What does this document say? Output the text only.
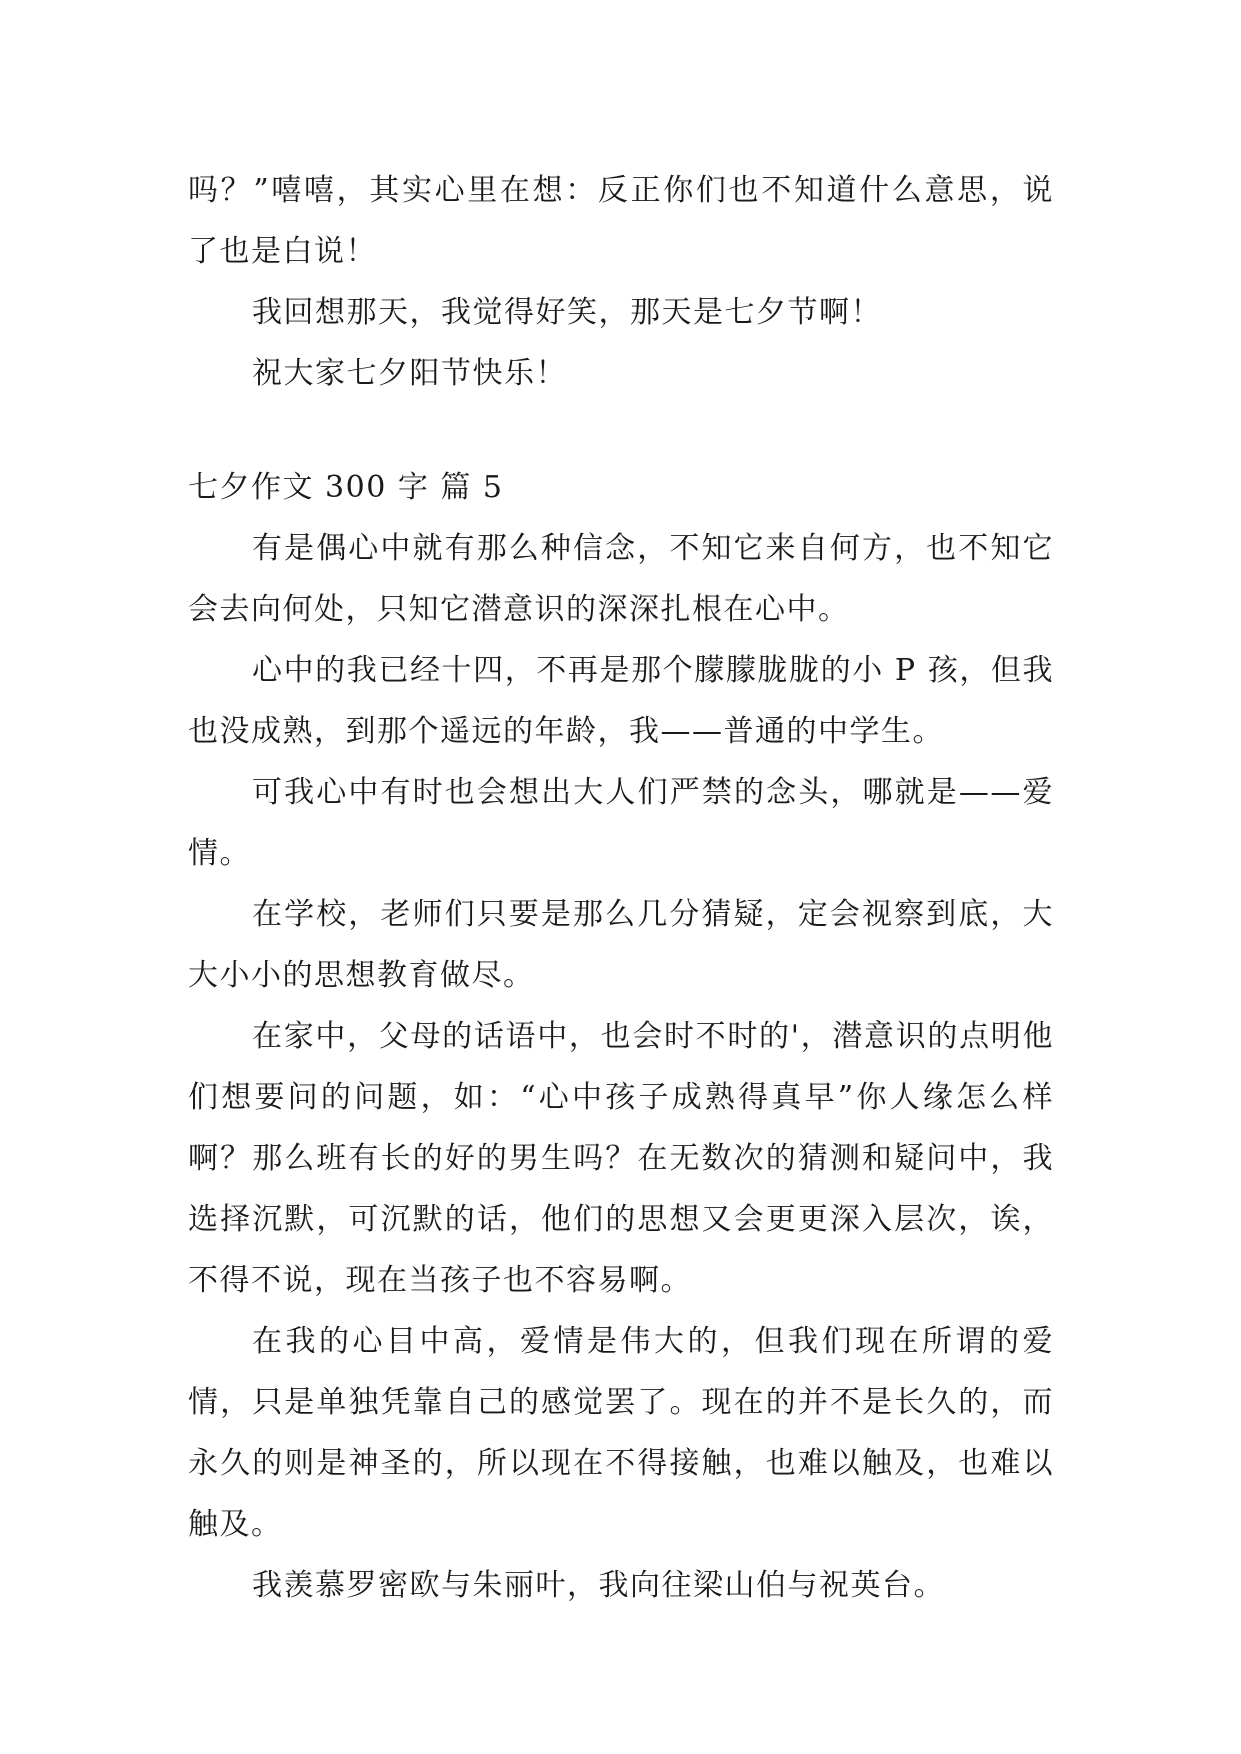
吗？”嘻嘻，其实心里在想：反正你们也不知道什么意思，说了也是白说！

我回想那天，我觉得好笑，那天是七夕节啊！

祝大家七夕阳节快乐！

七夕作文 300 字 篇 5

有是偶心中就有那么种信念，不知它来自何方，也不知它会去向何处，只知它潜意识的深深扎根在心中。

心中的我已经十四，不再是那个朦朦胧胧的小 P 孩，但我也没成熟，到那个遥远的年龄，我——普通的中学生。

可我心中有时也会想出大人们严禁的念头，哪就是——爱情。

在学校，老师们只要是那么几分猜疑，定会视察到底，大大小小的思想教育做尽。

在家中，父母的话语中，也会时不时的'，潜意识的点明他们想要问的问题，如：“心中孩子成熟得真早”你人缘怎么样啊？那么班有长的好的男生吗？在无数次的猜测和疑问中，我选择沉默，可沉默的话，他们的思想又会更更深入层次，诶，不得不说，现在当孩子也不容易啊。

在我的心目中高，爱情是伟大的，但我们现在所谓的爱情，只是单独凭靠自己的感觉罢了。现在的并不是长久的，而永久的则是神圣的，所以现在不得接触，也难以触及，也难以触及。

我羡慕罗密欧与朱丽叶，我向往梁山伯与祝英台。
